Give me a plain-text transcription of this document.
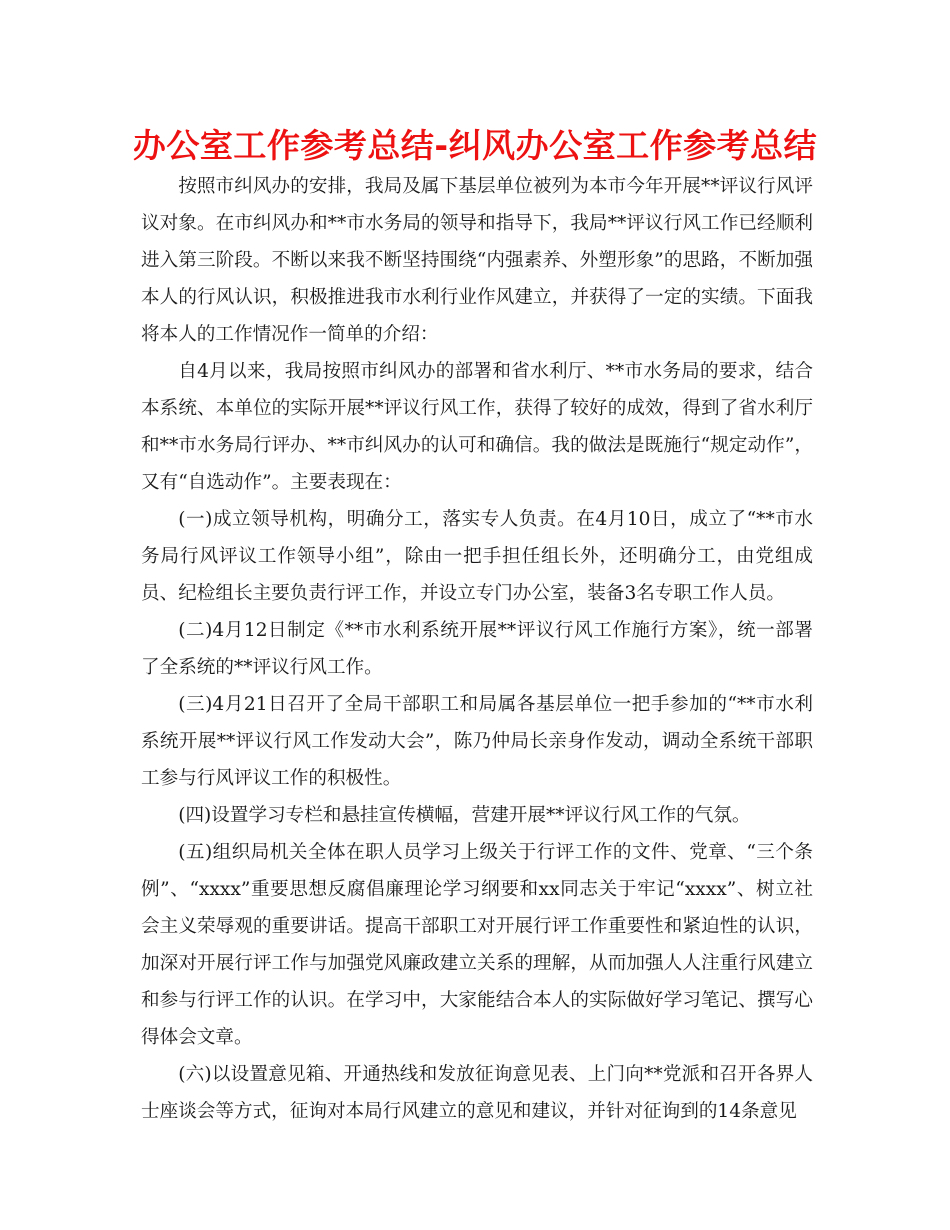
办公室工作参考总结-纠风办公室工作参考总结

按照市纠风办的安排，我局及属下基层单位被列为本市今年开展**评议行风评议对象。在市纠风办和**市水务局的领导和指导下，我局**评议行风工作已经顺利进入第三阶段。不断以来我不断坚持围绕“内强素养、外塑形象”的思路，不断加强本人的行风认识，积极推进我市水利行业作风建立，并获得了一定的实绩。下面我将本人的工作情况作一简单的介绍：

自4月以来，我局按照市纠风办的部署和省水利厅、**市水务局的要求，结合本系统、本单位的实际开展**评议行风工作，获得了较好的成效，得到了省水利厅和**市水务局行评办、**市纠风办的认可和确信。我的做法是既施行“规定动作”，又有“自选动作”。主要表现在：

(一)成立领导机构，明确分工，落实专人负责。在4月10日，成立了“**市水务局行风评议工作领导小组”，除由一把手担任组长外，还明确分工，由党组成员、纪检组长主要负责行评工作，并设立专门办公室，装备3名专职工作人员。

(二)4月12日制定《**市水利系统开展**评议行风工作施行方案》，统一部署了全系统的**评议行风工作。

(三)4月21日召开了全局干部职工和局属各基层单位一把手参加的“**市水利系统开展**评议行风工作发动大会”，陈乃仲局长亲身作发动，调动全系统干部职工参与行风评议工作的积极性。

(四)设置学习专栏和悬挂宣传横幅，营建开展**评议行风工作的气氛。

(五)组织局机关全体在职人员学习上级关于行评工作的文件、党章、“三个条例”、“xxxx”重要思想反腐倡廉理论学习纲要和xx同志关于牢记“xxxx”、树立社会主义荣辱观的重要讲话。提高干部职工对开展行评工作重要性和紧迫性的认识，加深对开展行评工作与加强党风廉政建立关系的理解，从而加强人人注重行风建立和参与行评工作的认识。在学习中，大家能结合本人的实际做好学习笔记、撰写心得体会文章。

(六)以设置意见箱、开通热线和发放征询意见表、上门向**党派和召开各界人士座谈会等方式，征询对本局行风建立的意见和建议，并针对征询到的14条意见
